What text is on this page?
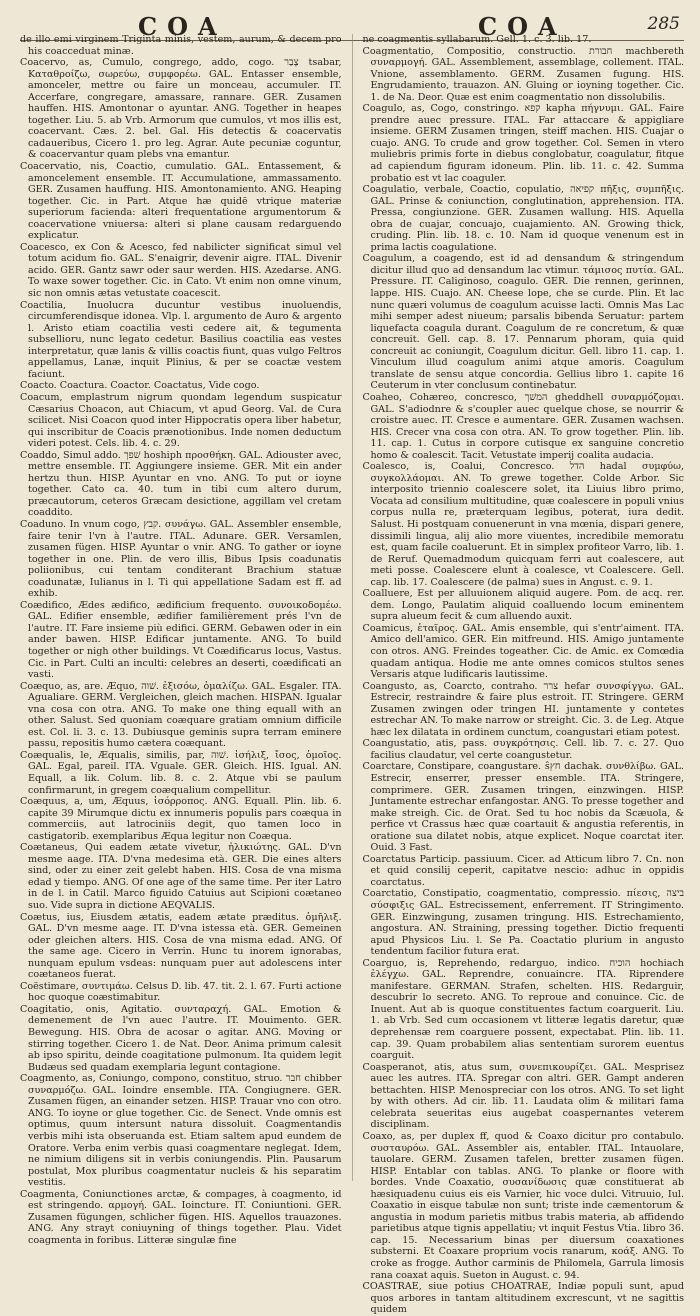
COA	COA	285

de illo emi virginem Triginta minis, vestem, aurum, & decem pro his coacceduat minæ.

Coacervo, as, Cumulo, congrego, addo, cogo. צָבַר tsabar, Καταθροίζω, σωρεύω, συμφορέω. GAL. Entasser ensemble, amonceler, mettre ou faire un monceau, accumuler. IT. Accerfare, congregare, amassare, rannare. GER. Zusamen hauffen. HIS. Amontonar o ayuntar. ANG. Together in heapes together. Liu. 5. ab Vrb. Armorum que cumulos, vt mos illis est, coacervant. Cæs. 2. bel. Gal. His detectis & coacervatis cadaueribus, Cicero 1. pro leg. Agrar. Aute pecuniæ coguntur, & coacervantur quam plebs vna emantur.

Coacervatio, nis, Coactio, cumulatio. GAL. Entassement, & amoncelement ensemble. IT. Accumulatione, ammassamento. GER. Zusamen hauffung. HIS. Amontonamiento. ANG. Heaping together. Cic. in Part. Atque hæ quidē vtrique materiæ superiorum facienda: alteri frequentatione argumentorum & coacervatione vniuersa: alteri si plane causam redarguendo explicatur.

Coacesco, ex Con & Acesco, fed nabilicter significat simul vel totum acidum fio. GAL. S'enaigrir, devenir aigre. ITAL. Divenir acido. GER. Gantz sawr oder saur werden. HIS. Azedarse. ANG. To waxe sower together. Cic. in Cato. Vt enim non omne vinum, sic non omnis ætas vetustate coacescit.

Coactilia, Inuolucra ducuntur vestibus inuoluendis, circumferendisque idonea. Vlp. l. argumento de Auro & argento l. Aristo etiam coactilia vesti cedere ait, & tegumenta subsellioru, nunc legato cedetur. Basilius coactilia eas vestes interpretatur, quæ lanis & villis coactis fiunt, quas vulgo Feltros appellamus, Lanæ, inquit Plinius, & per se coactæ vestem faciunt.

Coacto. Coactura. Coactor. Coactatus, Vide cogo.

Coacum, emplastrum nigrum quondam legendum suspicatur Cæsarius Choacon, aut Chiacum, vt apud Georg. Val. de Cura scilicet. Nisi Coacon quod inter Hippocratis opera liber habetur, qui inscribitur de Coacis prænotionibus. Inde nomen deductum videri potest. Cels. lib. 4. c. 29.

Coaddo, Simul addo. שׁפך hoshiph προσθήκη. GAL. Adiouster avec, mettre ensemble. IT. Aggiungere insieme. GER. Mit ein ander hertzu thun. HISP. Ayuntar en vno. ANG. To put or ioyne together. Cato ca. 40. tum in tibi cum altero durum, præcautorum, ceteros Græcam desictione, aggillam vel cretam coaddito.

Coaduno. In vnum cogo, קבץ. συνάγω. GAL. Assembler ensemble, faire tenir l'vn à l'autre. ITAL. Adunare. GER. Versamlen, zusamen fügen. HISP. Ayuntar o vnir. ANG. To gather or ioyne together in one. Plin. de vero illis, Bibus Ipsis coadunatis poliionibus, cui tentam conditerant Brachium statuæ coadunatæ, Iulianus in l. Ti qui appellatione Sadam est ff. ad exhib.

Coædifico, Ædes ædifico, ædificium frequento. συνοικοδομέω. GAL. Edifier ensemble, ædifier familièrement prés l'vn de l'autre. IT. Fare insieme più edifici. GERM. Gebawen oder in ein ander bawen. HISP. Edificar juntamente. ANG. To build together or nigh other buildings. Vt Coædificarus locus, Vastus. Cic. in Part. Culti an inculti: celebres an deserti, coædificati an vasti.

Coæquo, as, are. Æquo, שׁוה. ἐξισόω, ὁμαλίζω. GAL. Esgaler. ITA. Agualiare. GERM. Vergleichen, gleich machen. HISPAN. Igualar vna cosa con otra. ANG. To make one thing equall with an other. Salust. Sed quoniam coæquare gratiam omnium difficile est. Col. li. 3. c. 13. Dubiusque geminis supra terram eminere passu, repositis humo cætera coæquant.

Coæqualis, le, Æqualis, similis, par, שׁוה. ἰσήλιξ, ἴσος, ὁμοῖος. GAL. Egal, pareil. ITA. Vguale. GER. Gleich. HIS. Igual. AN. Equall, a lik. Colum. lib. 8. c. 2. Atque vbi se paulum confirmarunt, in gregem coæqualium compellitur.

Coæquus, a, um, Æquus, ἰσόρροπος. ANG. Equall. Plin. lib. 6. capite 39 Mirumque dictu ex innumeris populis pars coæqua in commerciis, aut latrociniis degit, quo tamen loco in castigatorib. exemplaribus Æqua legitur non Coæqua.

Coætaneus, Qui eadem ætate vivetur, ἡλικιώτης. GAL. D'vn mesme aage. ITA. D'vna medesima età. GER. Die eines alters sind, oder zu einer zeit gelebt haben. HIS. Cosa de vna misma edad y tiempo. ANG. Of one age of the same time. Per iter Latro in de l. in Catil. Marco figuido Catuius aut Scipioni coætaneo suo. Vide supra in dictione AEQVALIS.

Coætus, ius, Eiusdem ætatis, eadem ætate præditus. ὁμῆλιξ. GAL. D'vn mesme aage. IT. D'vna istessa età. GER. Gemeinen oder gleichen alters. HIS. Cosa de vna misma edad. ANG. Of the same age. Cicero in Verrin. Hunc tu inorem ignorabas, nunquam epulum vsdeas: nunquam puer aut adolescens inter coætaneos fuerat.

Coëstimare, συντιμάω. Celsus D. lib. 47. tit. 2. l. 67. Furti actione hoc quoque coæstimabitur.

Coagitatio, onis, Agitatio. συνταραχή. GAL. Emotion & demenement de l'vn auec l'autre. IT. Mouimento. GER. Bewegung. HIS. Obra de acosar o agitar. ANG. Moving or stirring together. Cicero 1. de Nat. Deor. Anima primum calesit ab ipso spiritu, deinde coagitatione pulmonum. Ita quidem legit Budæus sed quadam exemplaria legunt contagione.

Coagmento, as, Coniungo, compono, constituo, struo. חבר chibber συναρμόζω. GAL. Ioindre ensemble. ITA. Congiugnere. GER. Zusamen fügen, an einander setzen. HISP. Trauar vno con otro. ANG. To ioyne or glue together. Cic. de Senect. Vnde omnis est optimus, quum intersunt natura dissoluit. Coagmentandis verbis mihi ista obseruanda est. Etiam saltem apud eundem de Oratore. Verba enim verbis quasi coagmentare neglegat. Idem, ne nimium diligens sit in verbis coniungendis. Plin. Pausarum postulat, Mox pluribus coagmentatur nucleis & his separatim vestitis.

Coagmenta, Coniunctiones arctæ, & compages, à coagmento, id est stringendo. αρμογή. GAL. Ioincture. IT. Coniuntioni. GER. Zusamen fügungen, schlicher fügen. HIS. Aquellos trauazones. ANG. Any strayt coniuyning of things together. Plau. Videt coagmenta in foribus. Litteræ singulæ fine

ne coagmentis syllabarum. Gell. 1. c. 3. lib. 17.

Coagmentatio, Compositio, constructio. חבורת machbereth συναρμογή. GAL. Assemblement, assemblage, collement. ITAL. Vnione, assemblamento. GERM. Zusamen fugung. HIS. Engrudamiento, trauazon. AN. Gluing or ioyning together. Cic. 1. de Na. Deor. Quæ est enim coagmentatio non dissolubilis.

Coagulo, as, Cogo, constringo. קפא kapha πήγνυμι. GAL. Faire prendre auec pressure. ITAL. Far attaccare & appigliare insieme. GERM Zusamen tringen, steiff machen. HIS. Cuajar o cuajo. ANG. To crude and grow together. Col. Semen in vtero muliebris primis forte in diebus conglobatur, coagulatur, fitque ad capiendum figuram idoneum. Plin. lib. 11. c. 42. Summa probatio est vt lac coaguler.

Coagulatio, verbale, Coactio, copulatio, קפיאה πῆξις, συμπῆξις. GAL. Prinse & coniunction, conglutination, apprehension. ITA. Pressa, congiunzione. GER. Zusamen wallung. HIS. Aquella obra de cuajar, concuajo, cuajamiento. AN. Growing thick, cruding. Plin. lib. 18. c. 10. Nam id quoque venenum est in prima lactis coagulatione.

Coagulum, a coagendo, est id ad densandum & stringendum dicitur illud quo ad densandum lac vtimur. τάμισος πυτία. GAL. Pressure. IT. Caliginoso, coagulo. GER. Die rennen, gerinnen, lappe. HIS. Cuajo. AN. Cheese lope, che se curde. Plin. Et lac nunc quæri volumus de coagulum acuisse lacti. Omnis Mas Lac mihi semper adest niueum; parsalis bibenda Seruatur: partem liquefacta coagula durant. Coagulum de re concretum, & quæ concreuit. Gell. cap. 8. 17. Pennarum phoram, quia quid concreuit ac coniungit, Coagulum dicitur. Gell. libro 11. cap. 1. Vinculum illud coagulum animi atque amoris. Coagulum translate de sensu atque concordia. Gellius libro 1. capite 16 Ceuterum in vter conclusum continebatur.

Coaheo, Cohæreo, concresco, המשׁך gheddhell συναρμόζομαι. GAL. S'adiodnre & s'coupler auec quelque chose, se nourrir & croistre auec. IT. Cresce e aumentare. GER. Zusamen wachsen. HIS. Crecer vna cosa con otra. AN. To grow together. Plin. lib. 11. cap. 1. Cutus in corpore cutisque ex sanguine concretio homo & coalescit. Tacit. Vetustate imperij coalita audacia.

Coalesco, is, Coalui, Concresco. הדל hadal συμφύω, συγκολλάομαι. AN. To grewe together. Colde Arbor. Sic interposito triennio coalescere solet, ita Liuius libro primo, Vocata ad consilium multitudine, quæ coalescere in populi vnius corpus nulla re, præterquam legibus, poterat, iura dedit. Salust. Hi postquam conuenerunt in vna mœnia, dispari genere, dissimili lingua, alij alio more viuentes, incredibile memoratu est, quam facile coaluerunt. Et in simplex profiteor Varro, lib. 1. de Reruf. Quemadmodum quicquam ferri aut coalescere, aut meti posse. Coalescere elunt à coalesce, vt Coalescere. Gell. cap. lib. 17. Coalescere (de palma) sues in Angust. c. 9. 1.

Coalluere, Est per alluuionem aliquid augere. Pom. de acq. rer. dem. Longo, Paulatim aliquid coalluendo locum eminentem supra alueum fecit & cum alluendo auxit.

Coamicus, ἑταῖρος. GAL. Amis ensemble, qui s'entr'aiment. ITA. Amico dell'amico. GER. Ein mitfreund. HIS. Amigo juntamente con otros. ANG. Freindes togeather. Cic. de Amic. ex Comœdia quadam antiqua. Hodie me ante omnes comicos stultos senes Versaris atque ludificaris lautissime.

Coangusto, as, Coarcto, contraho. צרר hefar συνσφίγγω. GAL. Estrecir, restraindre & faire plus estroit. IT. Stringere. GERM Zusamen zwingen oder tringen HI. juntamente y contetes estrechar AN. To make narrow or streight. Cic. 3. de Leg. Atque hæc lex dilatata in ordinem cunctum, coangustari etiam potest.

Coangustatio, atis, pass. συγκρότησις. Cell. lib. 7. c. 27. Quo facilius claudatur, vel certe coangustetur.

Coarctare, Constipare, coangustare. ŝחץ dachak. συνθλίβω. GAL. Estrecir, enserrer, presser ensemble. ITA. Stringere, comprimere. GER. Zusamen tringen, einzwingen. HISP. Juntamente estrechar enfangostar. ANG. To presse together and make streigh. Cic. de Orat. Sed tu hoc nobis da Scæuola, & perfice vt Crassus hæc quæ coartauit & angustia referentis, in oratione sua dilatet nobis, atque explicet. Noque coarctat iter. Ouid. 3 Fast.

Coarctatus Particip. passiuum. Cicer. ad Atticum libro 7. Cn. non et quid consilij ceperit, capitatve nescio: adhuc in oppidis coarctatus.

Coarctatio, Constipatio, coagmentatio, compressio. πίεσις, ביצה σύσφιξις GAL. Estrecissement, enferrement. IT Stringimento. GER. Einzwingung, zusamen tringung. HIS. Estrechamiento, angostura. AN. Straining, pressing together. Dictio frequenti apud Physicos Liu. l. Se Pa. Coactatio plurium in angusto tendentum facilior futura erat.

Coarguo, is, Reprehendo, redarguo, indico. הוכיח hochiach ἐλέγχω. GAL. Reprendre, conuaincre. ITA. Riprendere manifestare. GERMAN. Strafen, schelten. HIS. Redarguir, descubrir lo secreto. ANG. To reproue and conuince. Cic. de Inuent. Aut ab is quoque constituentes factum coarguerit. Liu. 1. ab Vrb. Sed cum occasionem vt litteræ legatis daretur, quæ deprehensæ rem coarguere possent, expectabat. Plin. lib. 11. cap. 39. Quam probabilem alias sententiam surorem euentus coarguit.

Coasperanot, atis, atus sum, συνεπικουρίζει. GAL. Mesprisez auec les autres. ITA. Spregar con altri. GER. Gampt anderen bettachten. HISP. Menospreciar con los otros. ANG. To set light by with others. Ad cir. lib. 11. Laudata olim & militari fama celebrata seueritas eius augebat coaspernantes veterem disciplinam.

Coaxo, as, per duplex ff, quod & Coaxo dicitur pro contabulo. συσταυρόω. GAL. Assembler ais, entabler. ITAL. Intauolare, tauolare. GERM. Zusamen tafelen, bretter zusamen fügen. HISP. Entablar con tablas. ANG. To planke or floore with bordes. Vnde Coaxatio, συσανίδωσις quæ constituerat ab hæsiquadenu cuius eis eis Varnier, hic voce dulci. Vitruuio, Iul. Coaxatio in eisque tabulæ non sunt; triste inde cæmentorum & angustia in modum parietis mitbus trabis materia, ab affidendo parietibus atque tignis appellatiu; vt inquit Festus Vtia. libro 36. cap. 15. Necessarium binas per diuersum coaxationes substerni. Et Coaxare proprium vocis ranarum, κοάξ. ANG. To croke as frogge. Author carminis de Philomela, Garrula limosis rana coaxat aquis. Sueton in August. c. 94.

COASTRAE, siue potius CHOATRAE, Indiæ populi sunt, apud quos arbores in tantam altitudinem excrescunt, vt ne sagittis quidem
